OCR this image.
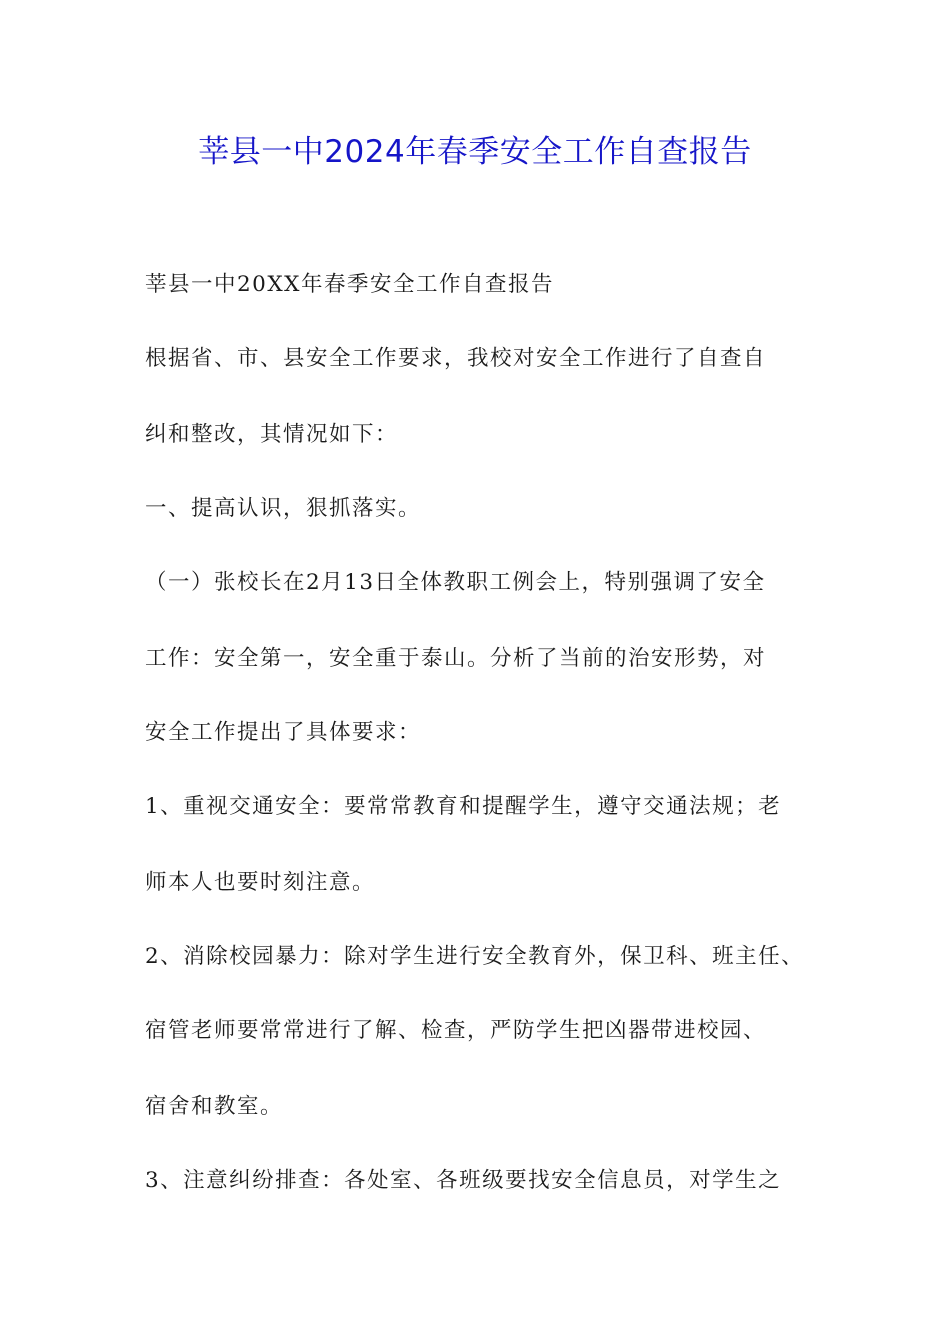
莘县一中2024年春季安全工作自查报告
莘县一中20XX年春季安全工作自查报告
根据省、市、县安全工作要求，我校对安全工作进行了自查自
纠和整改，其情况如下：
一、提高认识，狠抓落实。
（一）张校长在2月13日全体教职工例会上，特别强调了安全
工作：安全第一，安全重于泰山。分析了当前的治安形势，对
安全工作提出了具体要求：
1、重视交通安全：要常常教育和提醒学生，遵守交通法规；老
师本人也要时刻注意。
2、消除校园暴力：除对学生进行安全教育外，保卫科、班主任、
宿管老师要常常进行了解、检查，严防学生把凶器带进校园、
宿舍和教室。
3、注意纠纷排查：各处室、各班级要找安全信息员，对学生之
